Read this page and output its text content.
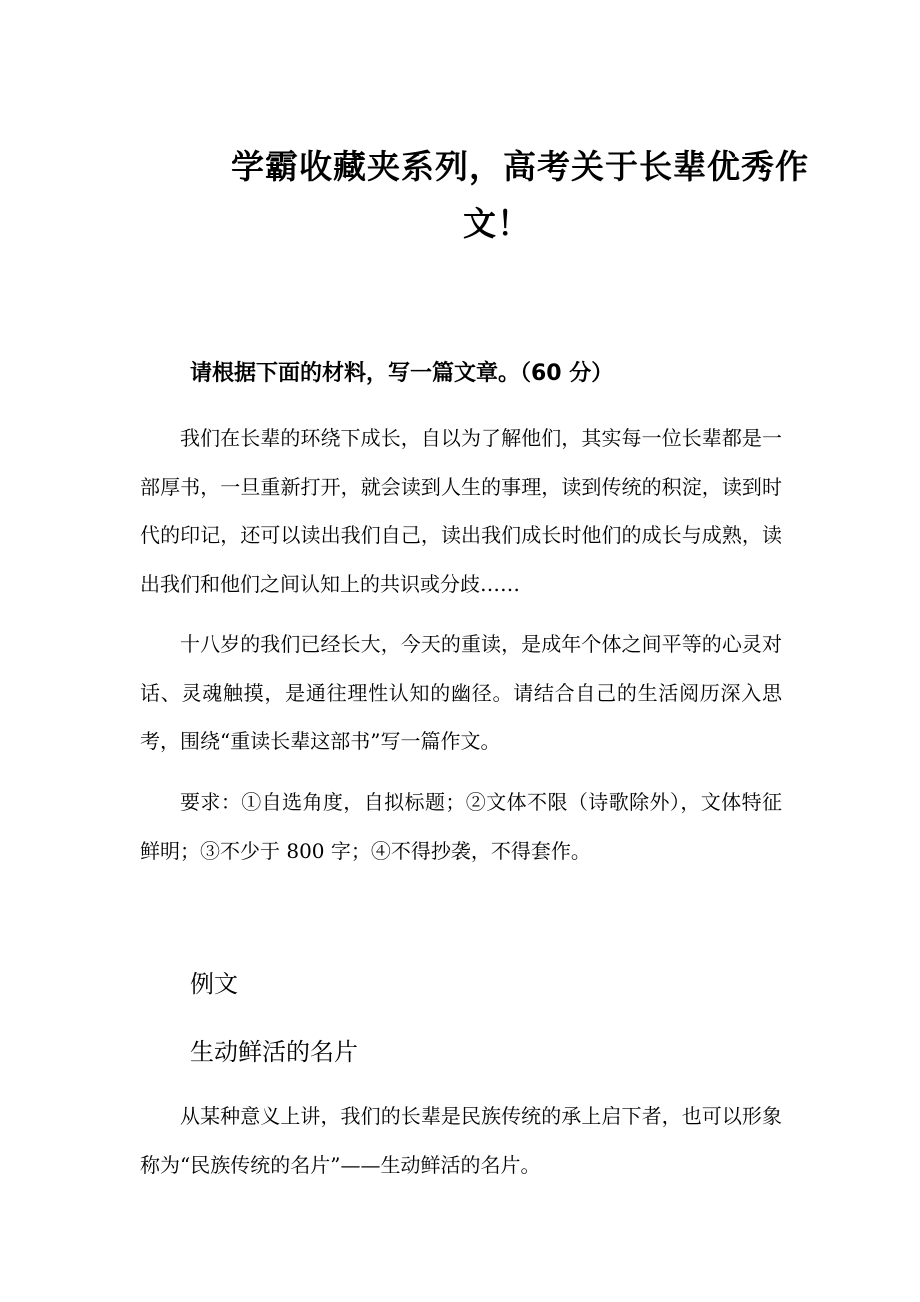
学霸收藏夹系列，高考关于长辈优秀作
文！
请根据下面的材料，写一篇文章。（60 分）

我们在长辈的环绕下成长，自以为了解他们，其实每一位长辈都是一部厚书，一旦重新打开，就会读到人生的事理，读到传统的积淀，读到时代的印记，还可以读出我们自己，读出我们成长时他们的成长与成熟，读出我们和他们之间认知上的共识或分歧……

十八岁的我们已经长大，今天的重读，是成年个体之间平等的心灵对话、灵魂触摸，是通往理性认知的幽径。请结合自己的生活阅历深入思考，围绕“重读长辈这部书”写一篇作文。

要求：①自选角度，自拟标题；②文体不限（诗歌除外），文体特征鲜明；③不少于 800 字；④不得抄袭，不得套作。

例文
生动鲜活的名片

从某种意义上讲，我们的长辈是民族传统的承上启下者，也可以形象称为“民族传统的名片”——生动鲜活的名片。
